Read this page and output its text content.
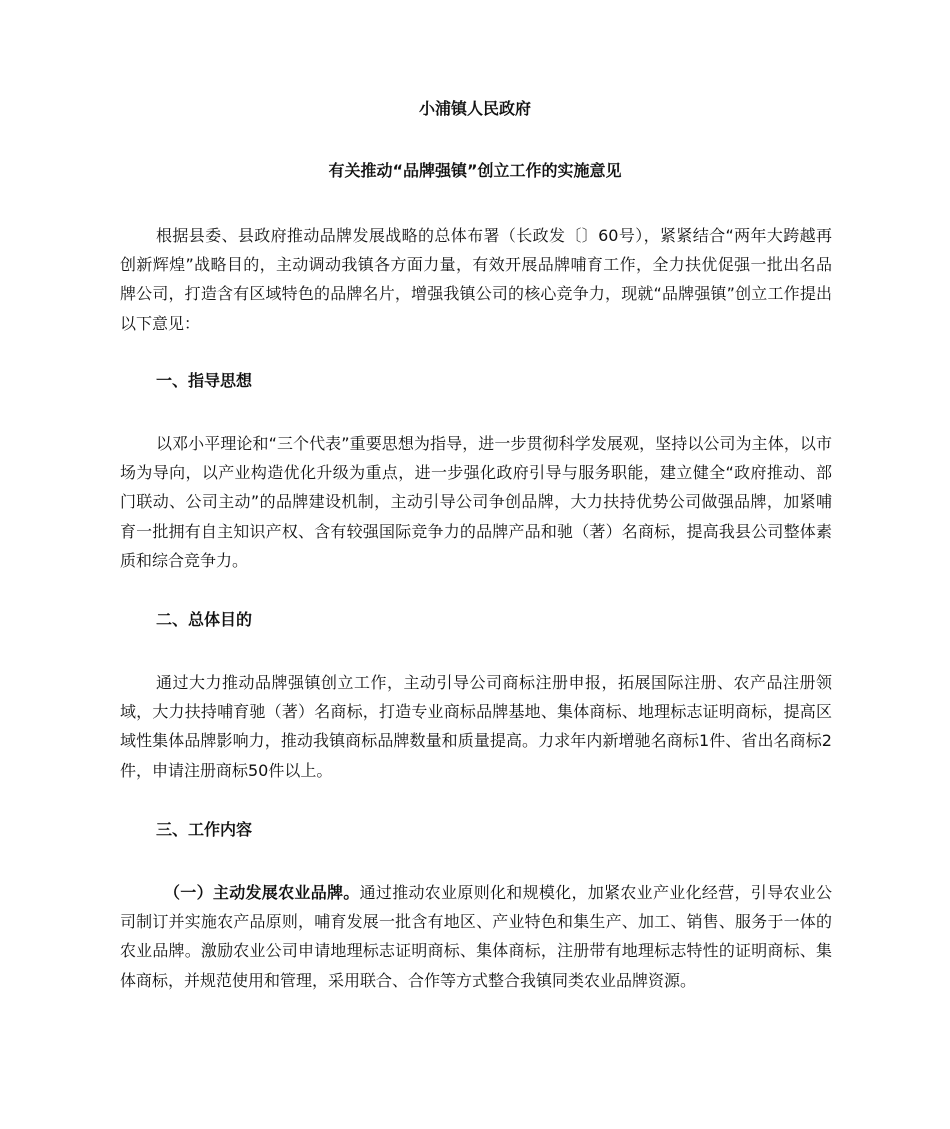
小浦镇人民政府
有关推动“品牌强镇”创立工作的实施意见

根据县委、县政府推动品牌发展战略的总体布署（长政发〔〕60号），紧紧结合“两年大跨越再创新辉煌”战略目的，主动调动我镇各方面力量，有效开展品牌哺育工作，全力扶优促强一批出名品牌公司，打造含有区域特色的品牌名片，增强我镇公司的核心竞争力，现就“品牌强镇”创立工作提出以下意见：

一、指导思想

以邓小平理论和“三个代表”重要思想为指导，进一步贯彻科学发展观，坚持以公司为主体，以市场为导向，以产业构造优化升级为重点，进一步强化政府引导与服务职能，建立健全“政府推动、部门联动、公司主动”的品牌建设机制，主动引导公司争创品牌，大力扶持优势公司做强品牌，加紧哺育一批拥有自主知识产权、含有较强国际竞争力的品牌产品和驰（著）名商标，提高我县公司整体素质和综合竞争力。

二、总体目的

通过大力推动品牌强镇创立工作，主动引导公司商标注册申报，拓展国际注册、农产品注册领域，大力扶持哺育驰（著）名商标，打造专业商标品牌基地、集体商标、地理标志证明商标，提高区域性集体品牌影响力，推动我镇商标品牌数量和质量提高。力求年内新增驰名商标1件、省出名商标2件，申请注册商标50件以上。

三、工作内容

（一）主动发展农业品牌。通过推动农业原则化和规模化，加紧农业产业化经营，引导农业公司制订并实施农产品原则，哺育发展一批含有地区、产业特色和集生产、加工、销售、服务于一体的农业品牌。激励农业公司申请地理标志证明商标、集体商标，注册带有地理标志特性的证明商标、集体商标，并规范使用和管理，采用联合、合作等方式整合我镇同类农业品牌资源。
